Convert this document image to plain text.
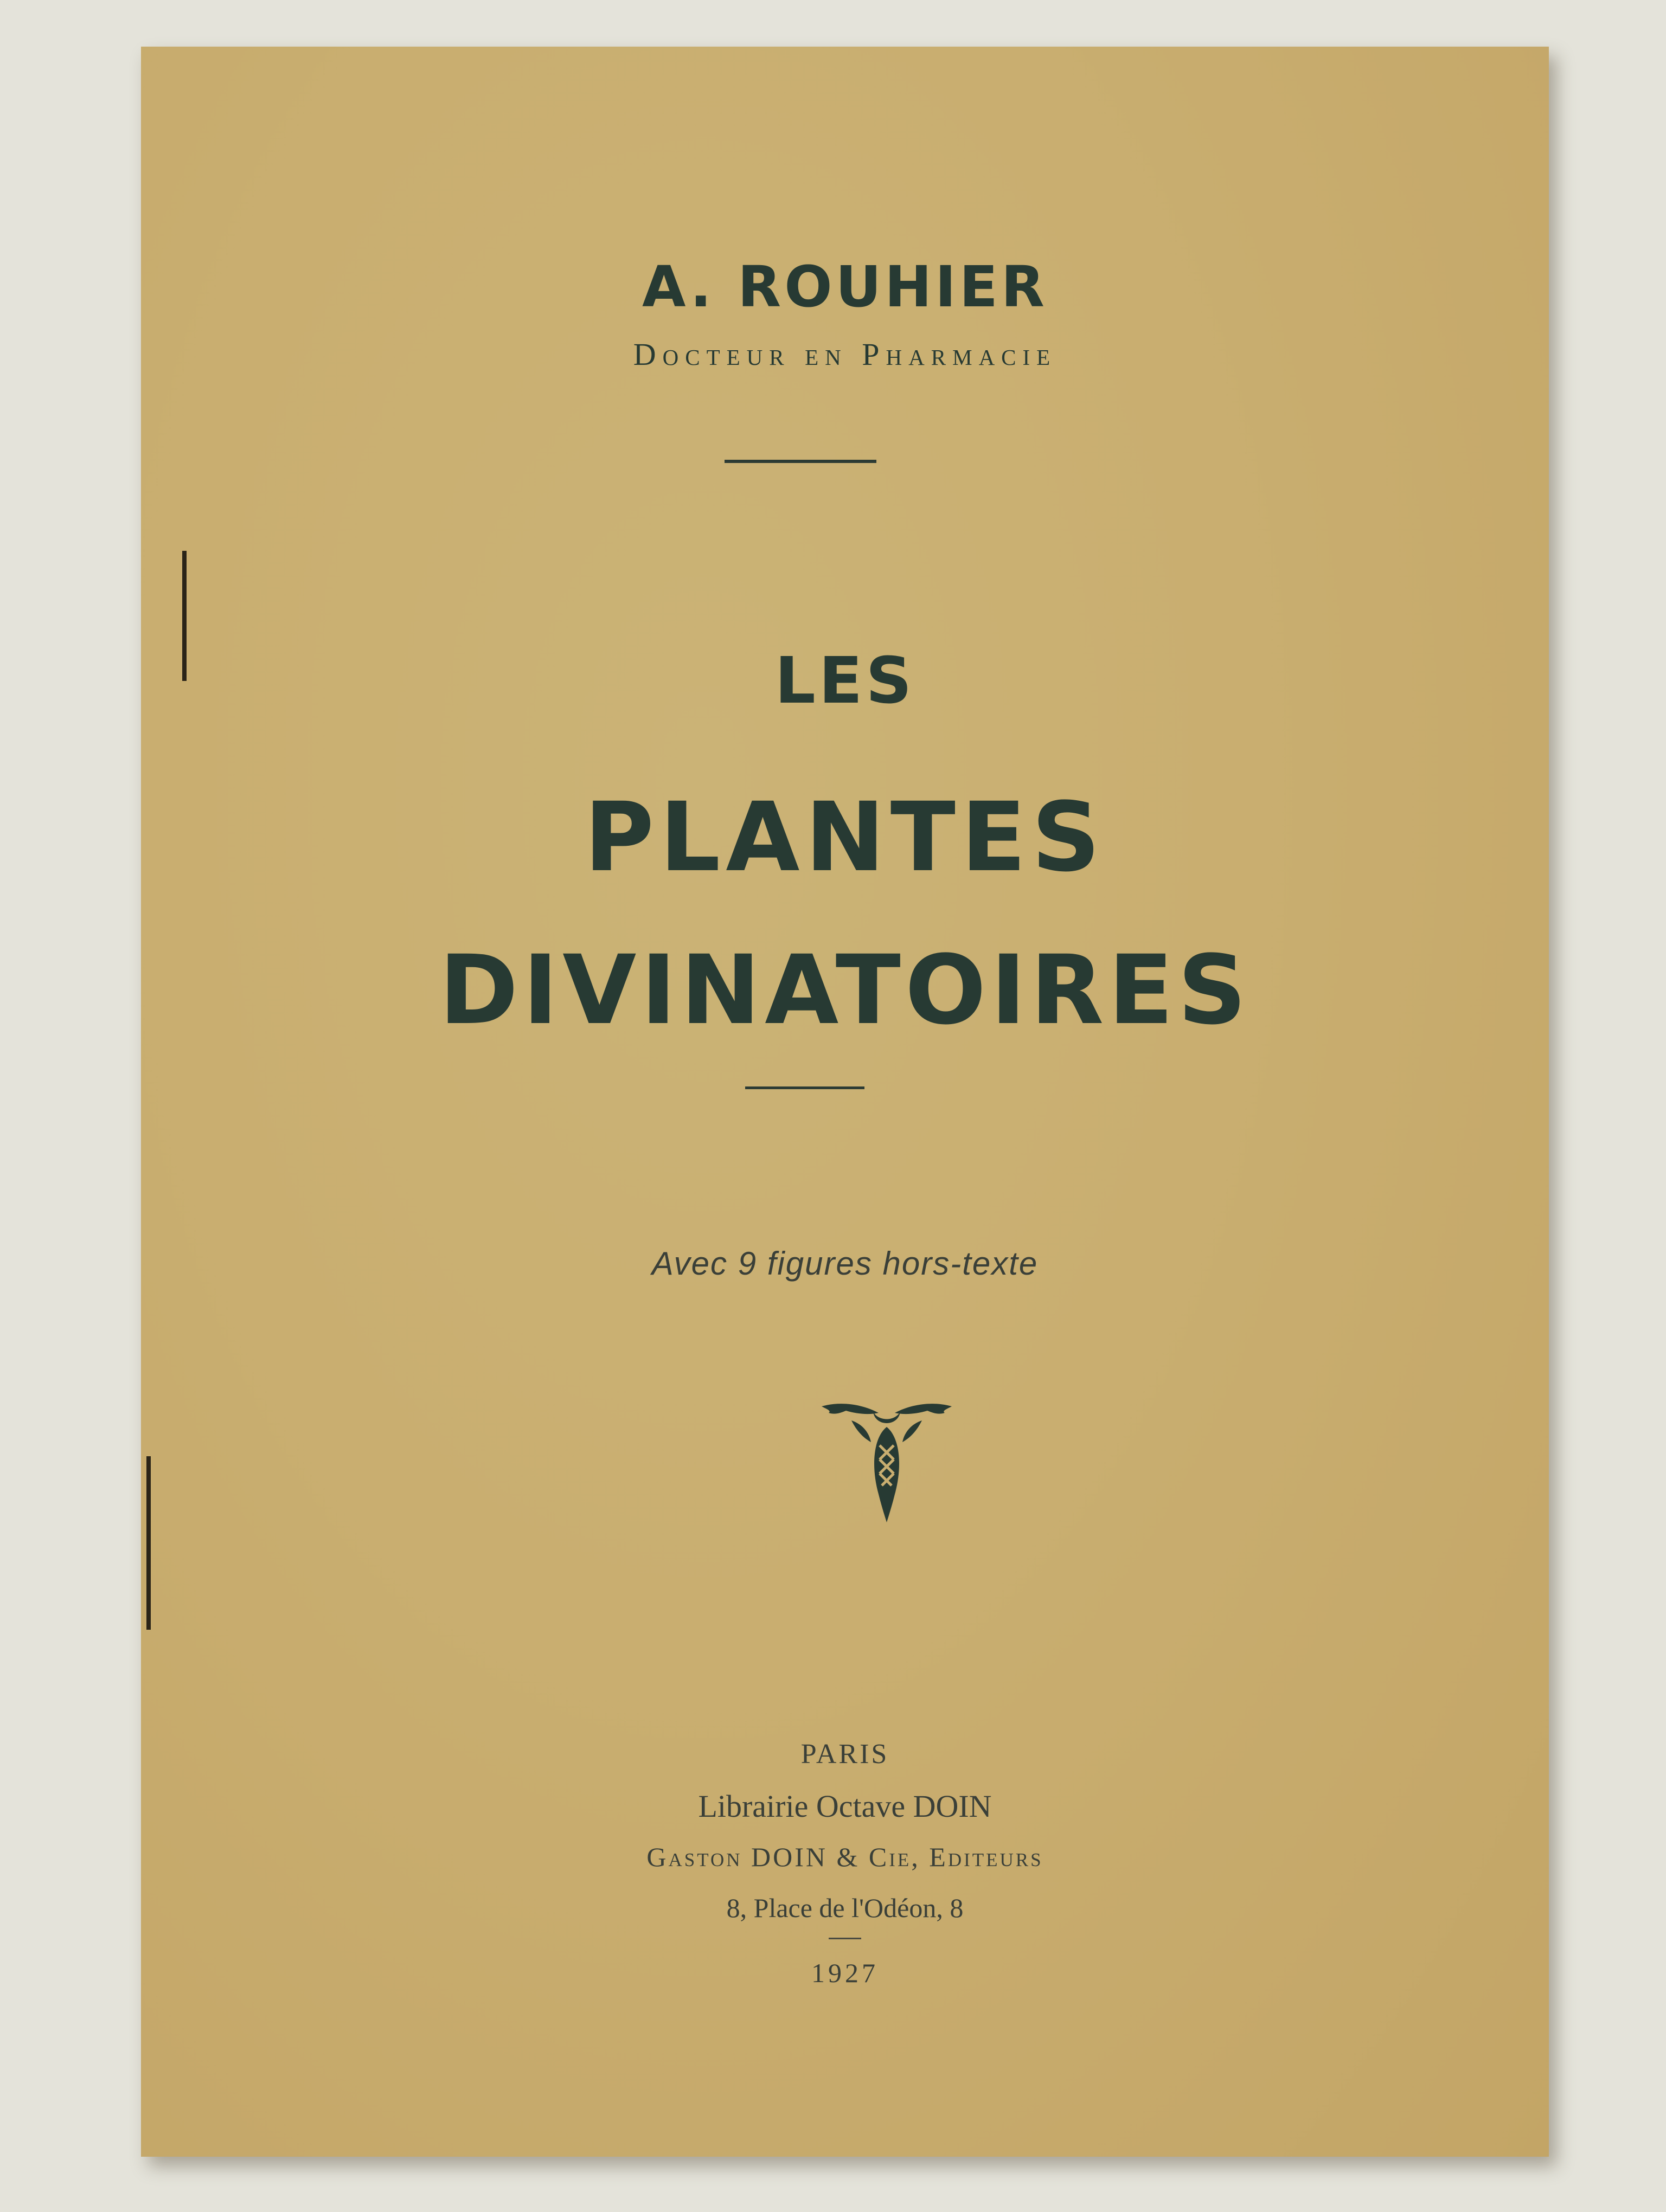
A. ROUHIER
Docteur en Pharmacie
LES
PLANTES
DIVINATOIRES
Avec 9 figures hors-texte
PARIS
Librairie Octave DOIN
Gaston DOIN & Cie, Editeurs
8, Place de l'Odéon, 8
1927
